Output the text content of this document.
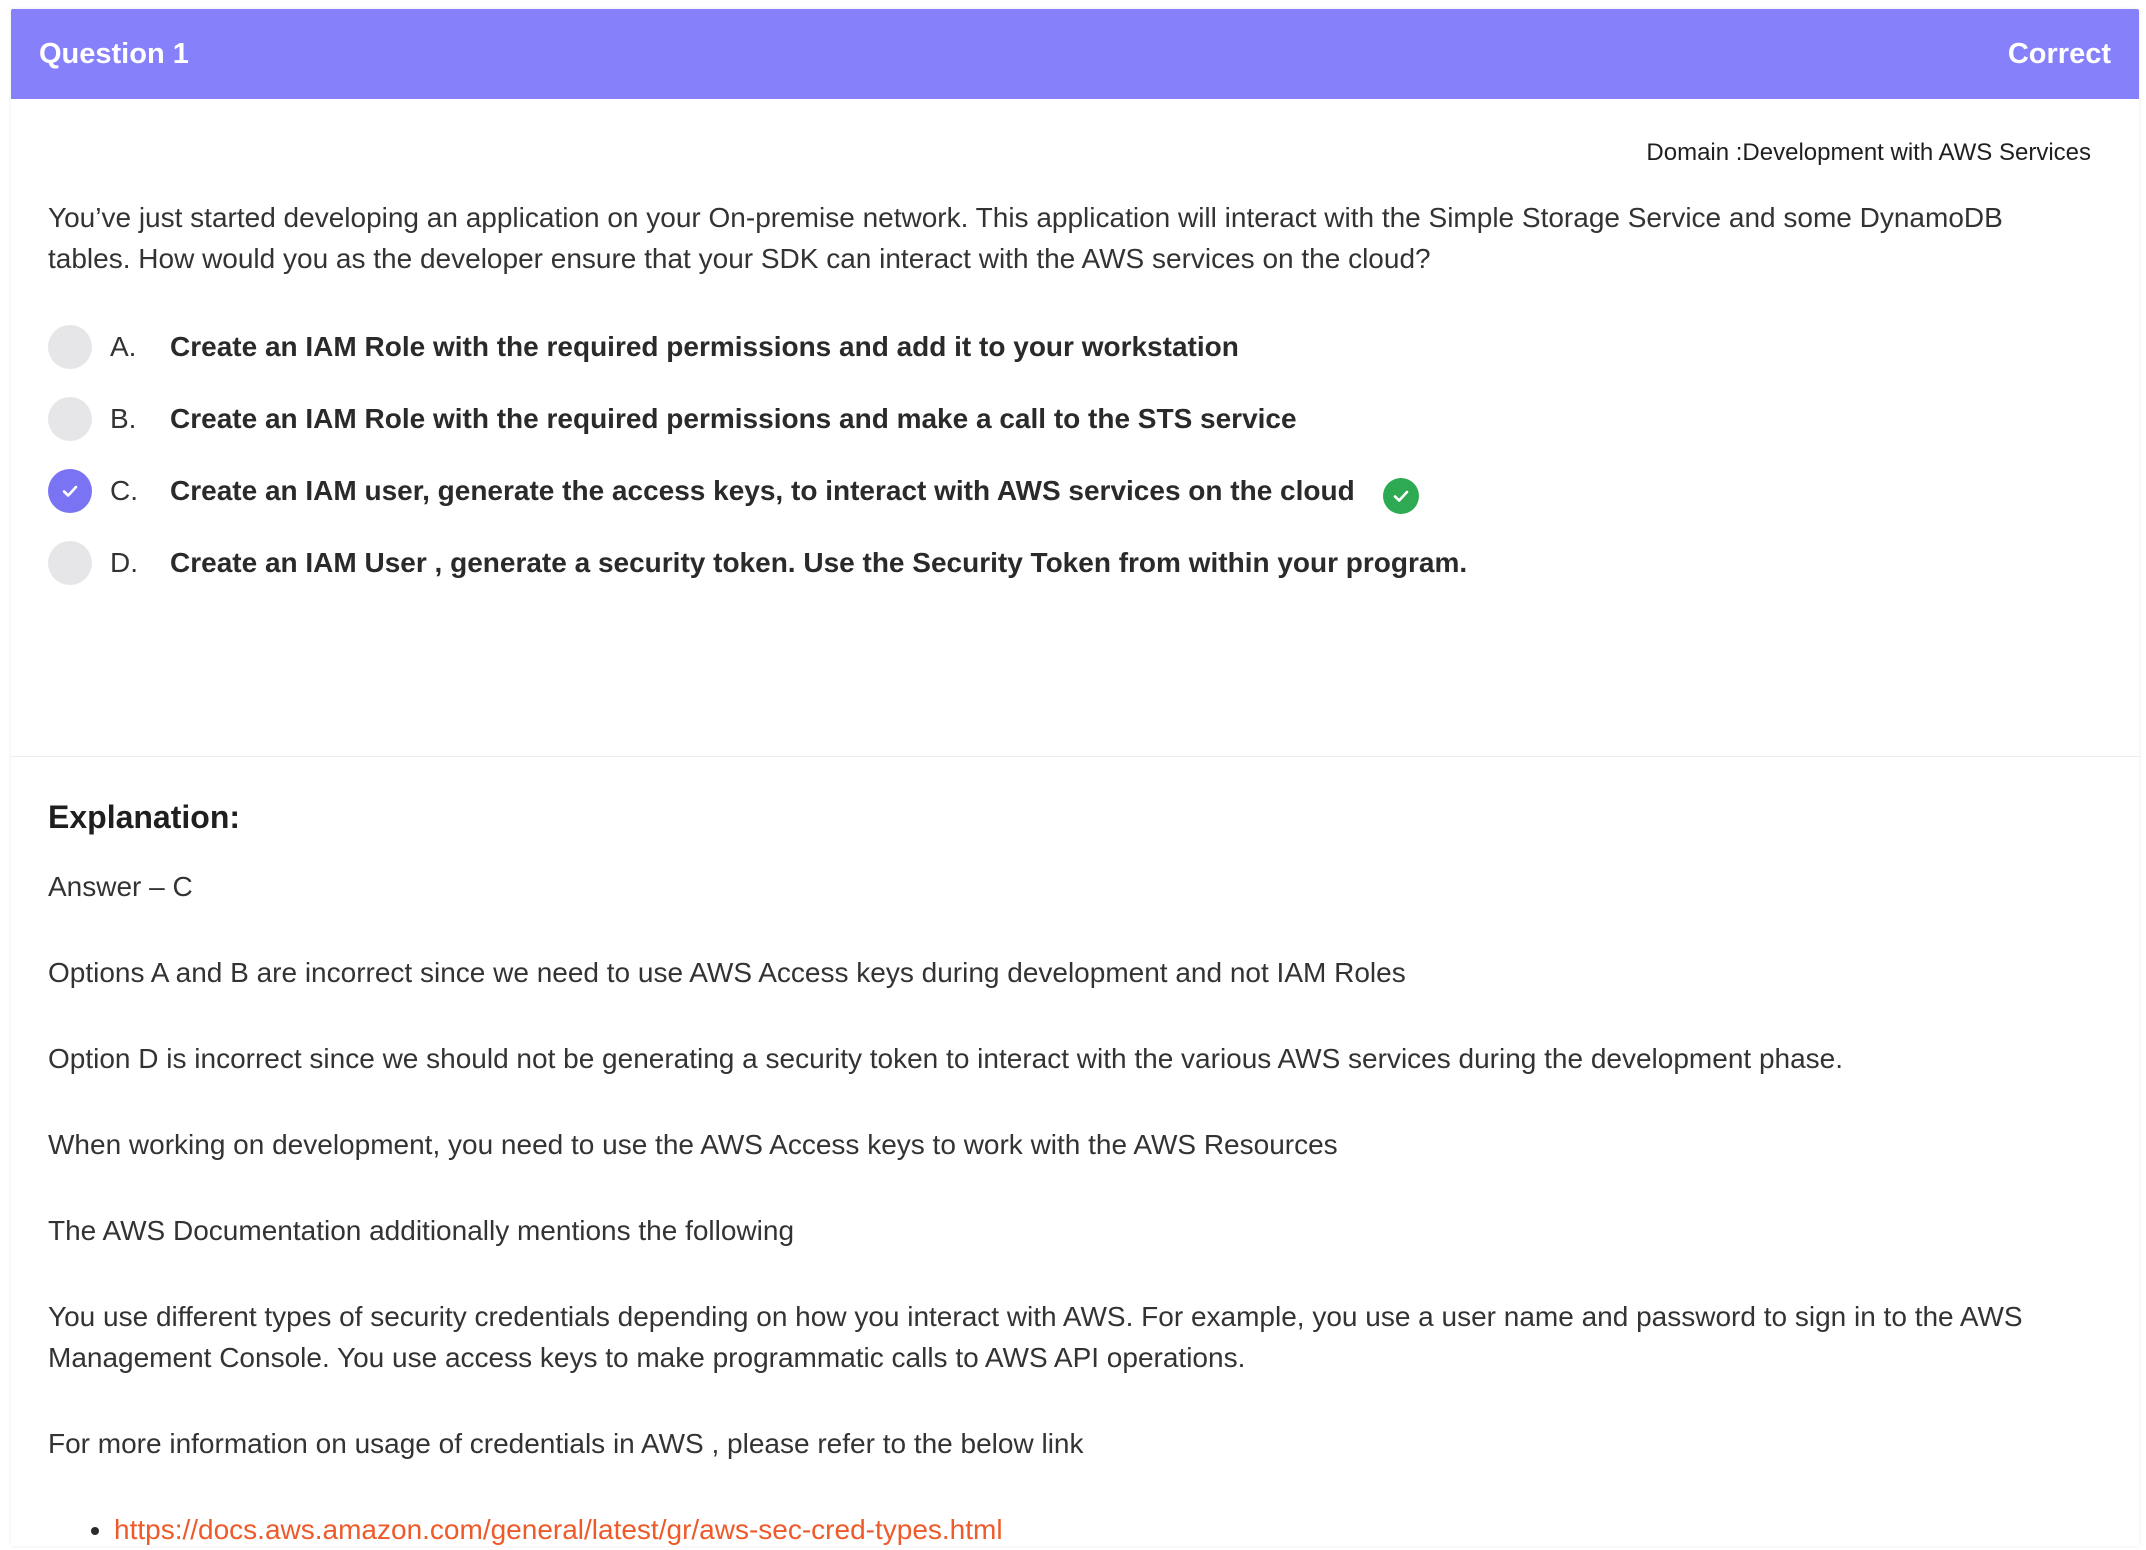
Question 1	Correct
Domain :Development with AWS Services
You’ve just started developing an application on your On-premise network. This application will interact with the Simple Storage Service and some DynamoDB tables. How would you as the developer ensure that your SDK can interact with the AWS services on the cloud?
A.	Create an IAM Role with the required permissions and add it to your workstation
B.	Create an IAM Role with the required permissions and make a call to the STS service
C.	Create an IAM user, generate the access keys, to interact with AWS services on the cloud
D.	Create an IAM User , generate a security token. Use the Security Token from within your program.
Explanation:

Answer – C

Options A and B are incorrect since we need to use AWS Access keys during development and not IAM Roles

Option D is incorrect since we should not be generating a security token to interact with the various AWS services during the development phase.

When working on development, you need to use the AWS Access keys to work with the AWS Resources

The AWS Documentation additionally mentions the following

You use different types of security credentials depending on how you interact with AWS. For example, you use a user name and password to sign in to the AWS Management Console. You use access keys to make programmatic calls to AWS API operations.

For more information on usage of credentials in AWS , please refer to the below link

• https://docs.aws.amazon.com/general/latest/gr/aws-sec-cred-types.html
